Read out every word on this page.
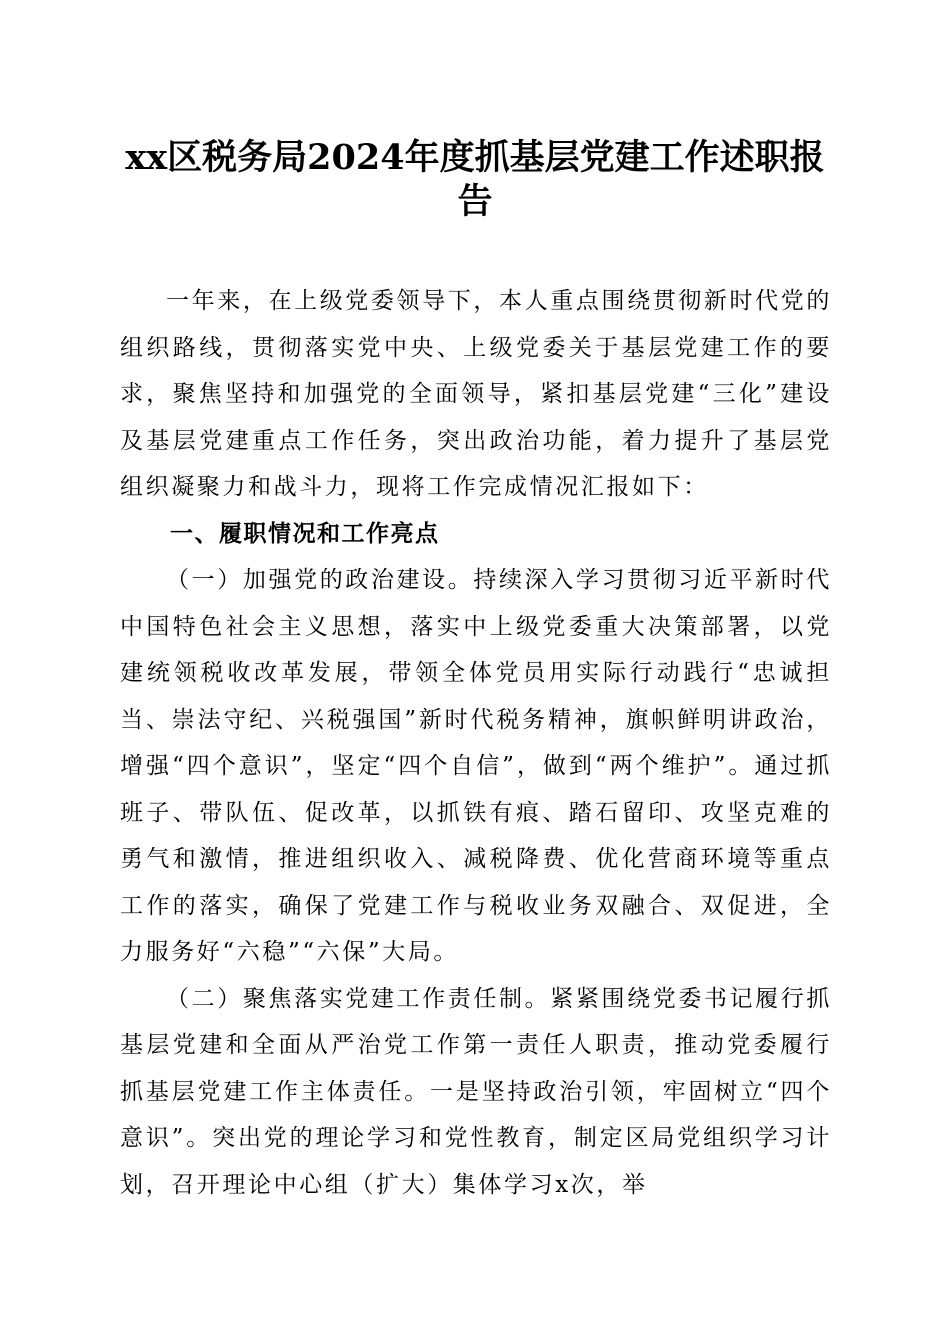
xx区税务局2024年度抓基层党建工作述职报告

一年来，在上级党委领导下，本人重点围绕贯彻新时代党的组织路线，贯彻落实党中央、上级党委关于基层党建工作的要求，聚焦坚持和加强党的全面领导，紧扣基层党建“三化”建设及基层党建重点工作任务，突出政治功能，着力提升了基层党组织凝聚力和战斗力，现将工作完成情况汇报如下：

一、履职情况和工作亮点

（一）加强党的政治建设。持续深入学习贯彻习近平新时代中国特色社会主义思想，落实中上级党委重大决策部署，以党建统领税收改革发展，带领全体党员用实际行动践行“忠诚担当、崇法守纪、兴税强国”新时代税务精神，旗帜鲜明讲政治，增强“四个意识”，坚定“四个自信”，做到“两个维护”。通过抓班子、带队伍、促改革，以抓铁有痕、踏石留印、攻坚克难的勇气和激情，推进组织收入、减税降费、优化营商环境等重点工作的落实，确保了党建工作与税收业务双融合、双促进，全力服务好“六稳”“六保”大局。

（二）聚焦落实党建工作责任制。紧紧围绕党委书记履行抓基层党建和全面从严治党工作第一责任人职责，推动党委履行抓基层党建工作主体责任。一是坚持政治引领，牢固树立“四个意识”。突出党的理论学习和党性教育，制定区局党组织学习计划，召开理论中心组（扩大）集体学习x次，举
